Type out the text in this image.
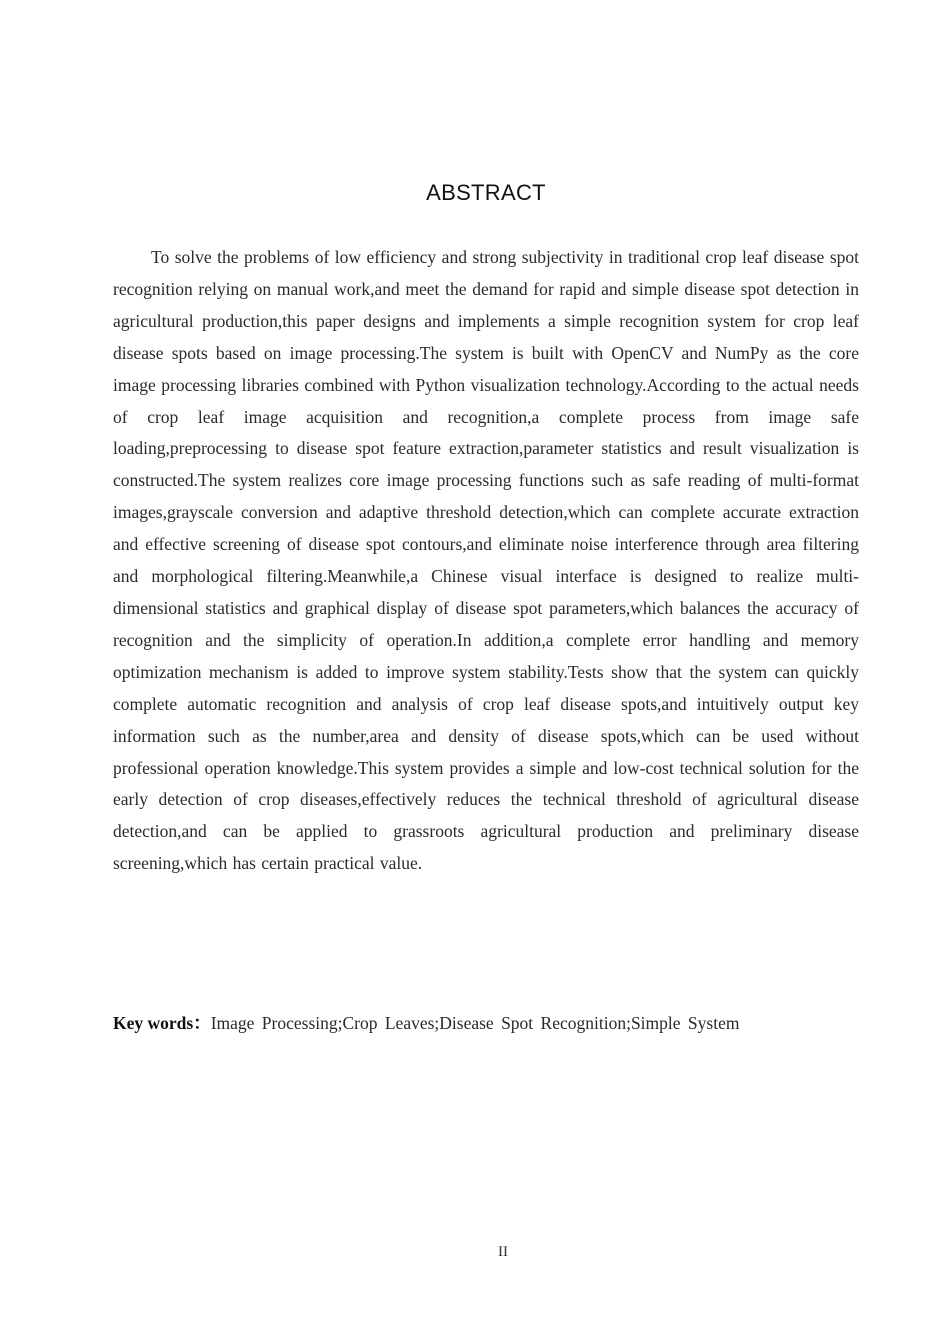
ABSTRACT

To solve the problems of low efficiency and strong subjectivity in traditional crop leaf disease spot recognition relying on manual work,and meet the demand for rapid and simple disease spot detection in agricultural production,this paper designs and implements a simple recognition system for crop leaf disease spots based on image processing.The system is built with OpenCV and NumPy as the core image processing libraries combined with Python visualization technology.According to the actual needs of crop leaf image acquisition and recognition,a complete process from image safe loading,preprocessing to disease spot feature extraction,parameter statistics and result visualization is constructed.The system realizes core image processing functions such as safe reading of multi-format images,grayscale conversion and adaptive threshold detection,which can complete accurate extraction and effective screening of disease spot contours,and eliminate noise interference through area filtering and morphological filtering.Meanwhile,a Chinese visual interface is designed to realize multi-dimensional statistics and graphical display of disease spot parameters,which balances the accuracy of recognition and the simplicity of operation.In addition,a complete error handling and memory optimization mechanism is added to improve system stability.Tests show that the system can quickly complete automatic recognition and analysis of crop leaf disease spots,and intuitively output key information such as the number,area and density of disease spots,which can be used without professional operation knowledge.This system provides a simple and low-cost technical solution for the early detection of crop diseases,effectively reduces the technical threshold of agricultural disease detection,and can be applied to grassroots agricultural production and preliminary disease screening,which has certain practical value.

Key words：Image Processing;Crop Leaves;Disease Spot Recognition;Simple System
II
